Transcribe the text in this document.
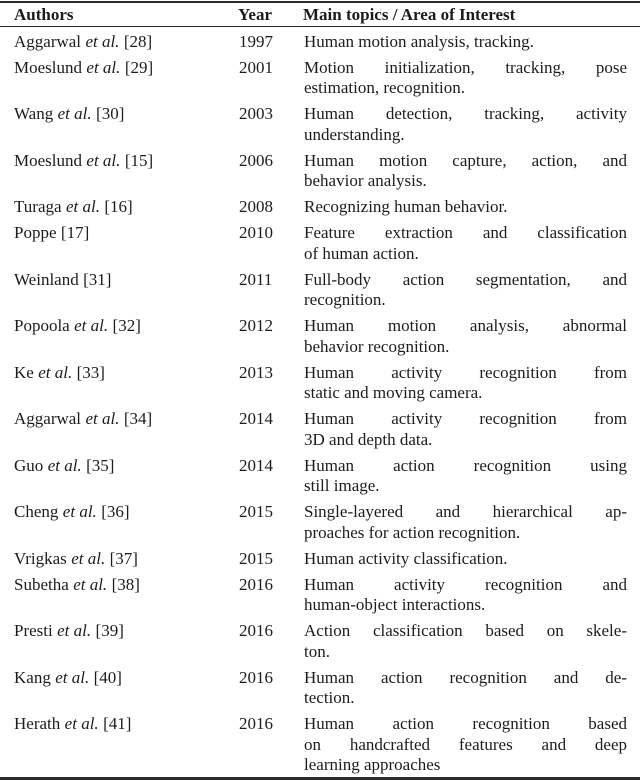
Authors	Year	Main topics / Area of Interest
Aggarwal et al. [28]	1997	Human motion analysis, tracking.

Moeslund et al. [29]	2001	Motion initialization, tracking, pose
estimation, recognition.

Wang et al. [30]	2003	Human detection, tracking, activity
understanding.

Moeslund et al. [15]	2006	Human motion capture, action, and
behavior analysis.

Turaga et al. [16]	2008	Recognizing human behavior.

Poppe [17]	2010	Feature extraction and classification
of human action.

Weinland [31]	2011	Full-body action segmentation, and
recognition.

Popoola et al. [32]	2012	Human motion analysis, abnormal
behavior recognition.

Ke et al. [33]	2013	Human activity recognition from
static and moving camera.

Aggarwal et al. [34]	2014	Human activity recognition from
3D and depth data.

Guo et al. [35]	2014	Human action recognition using
still image.

Cheng et al. [36]	2015	Single-layered and hierarchical ap-
proaches for action recognition.

Vrigkas et al. [37]	2015	Human activity classification.

Subetha et al. [38]	2016	Human activity recognition and
human-object interactions.

Presti et al. [39]	2016	Action classification based on skele-
ton.

Kang et al. [40]	2016	Human action recognition and de-
tection.

Herath et al. [41]	2016	Human action recognition based
on handcrafted features and deep
learning approaches
